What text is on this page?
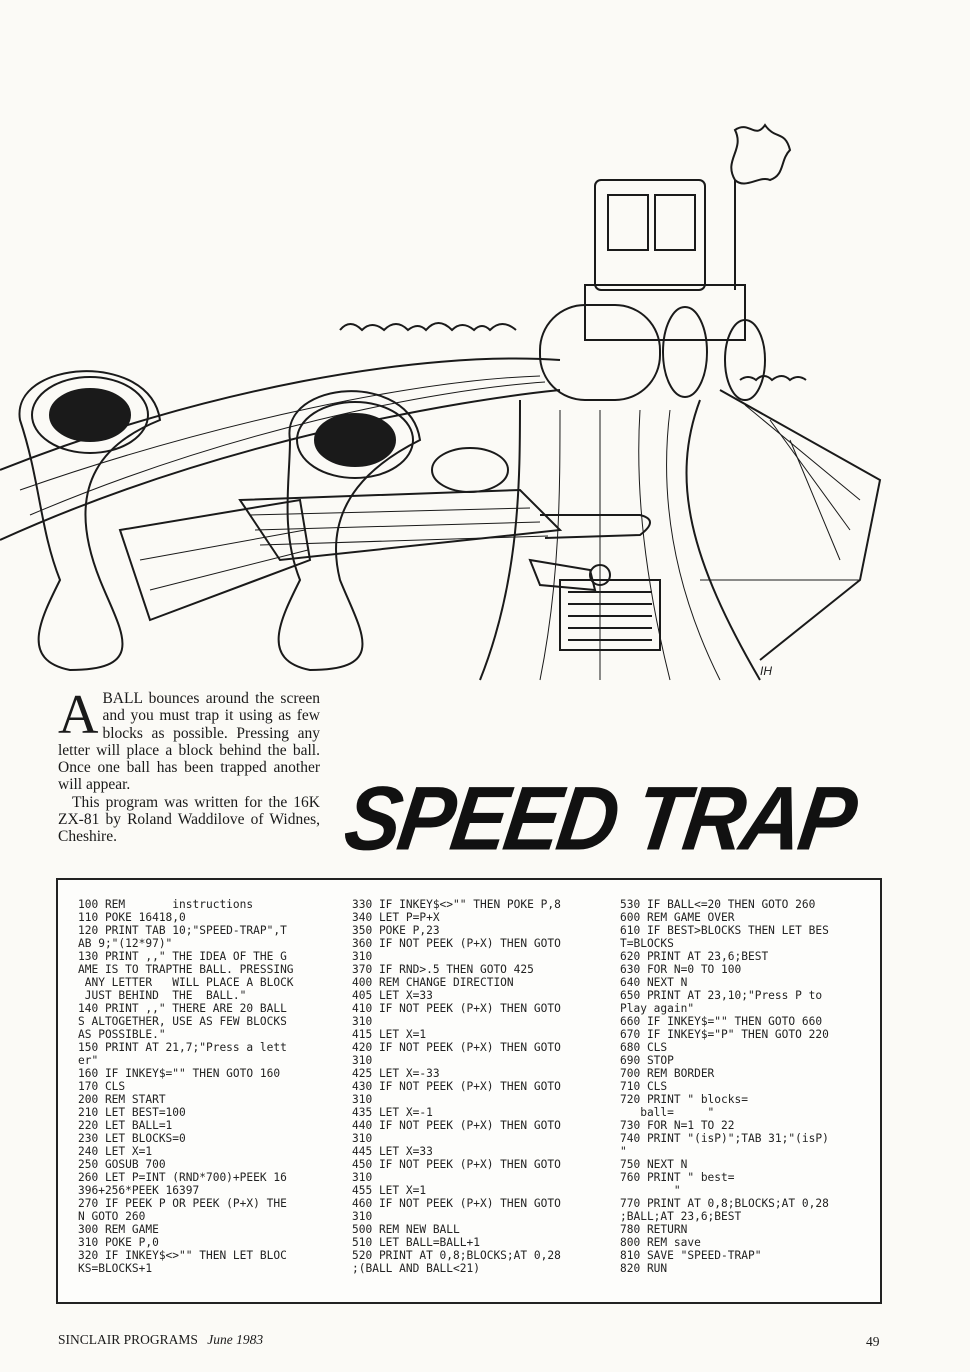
IH

ABALL bounces around the screen and you must trap it using as few blocks as possible. Pressing any letter will place a block behind the ball. Once one ball has been trapped another will appear.

This program was written for the 16K ZX-81 by Roland Waddilove of Widnes, Cheshire.	SPEED TRAP
100 REM       instructions
110 POKE 16418,0
120 PRINT TAB 10;"SPEED-TRAP",T
AB 9;"(12*97)"
130 PRINT ,," THE IDEA OF THE G
AME IS TO TRAPTHE BALL. PRESSING
ANY LETTER   WILL PLACE A BLOCK
JUST BEHIND  THE  BALL."
140 PRINT ,," THERE ARE 20 BALL
S ALTOGETHER, USE AS FEW BLOCKS
AS POSSIBLE."
150 PRINT AT 21,7;"Press a lett
er"
160 IF INKEY$="" THEN GOTO 160
170 CLS
200 REM START
210 LET BEST=100
220 LET BALL=1
230 LET BLOCKS=0
240 LET X=1
250 GOSUB 700
260 LET P=INT (RND*700)+PEEK 16
396+256*PEEK 16397
270 IF PEEK P OR PEEK (P+X) THE
N GOTO 260
300 REM GAME
310 POKE P,0
320 IF INKEY$<>"" THEN LET BLOC
KS=BLOCKS+1
330 IF INKEY$<>"" THEN POKE P,8
340 LET P=P+X
350 POKE P,23
360 IF NOT PEEK (P+X) THEN GOTO
310
370 IF RND>.5 THEN GOTO 425
400 REM CHANGE DIRECTION
405 LET X=33
410 IF NOT PEEK (P+X) THEN GOTO
310
415 LET X=1
420 IF NOT PEEK (P+X) THEN GOTO
310
425 LET X=-33
430 IF NOT PEEK (P+X) THEN GOTO
310
435 LET X=-1
440 IF NOT PEEK (P+X) THEN GOTO
310
445 LET X=33
450 IF NOT PEEK (P+X) THEN GOTO
310
455 LET X=1
460 IF NOT PEEK (P+X) THEN GOTO
310
500 REM NEW BALL
510 LET BALL=BALL+1
520 PRINT AT 0,8;BLOCKS;AT 0,28
;(BALL AND BALL<21)
530 IF BALL<=20 THEN GOTO 260
600 REM GAME OVER
610 IF BEST>BLOCKS THEN LET BES
T=BLOCKS
620 PRINT AT 23,6;BEST
630 FOR N=0 TO 100
640 NEXT N
650 PRINT AT 23,10;"Press P to
Play again"
660 IF INKEY$="" THEN GOTO 660
670 IF INKEY$="P" THEN GOTO 220
680 CLS
690 STOP
700 REM BORDER
710 CLS
720 PRINT " blocks=
ball=     "
730 FOR N=1 TO 22
740 PRINT "(isP)";TAB 31;"(isP)
"
750 NEXT N
760 PRINT " best=
"
770 PRINT AT 0,8;BLOCKS;AT 0,28
;BALL;AT 23,6;BEST
780 RETURN
800 REM save
810 SAVE "SPEED-TRAP"
820 RUN
SINCLAIR PROGRAMS June 1983	49
